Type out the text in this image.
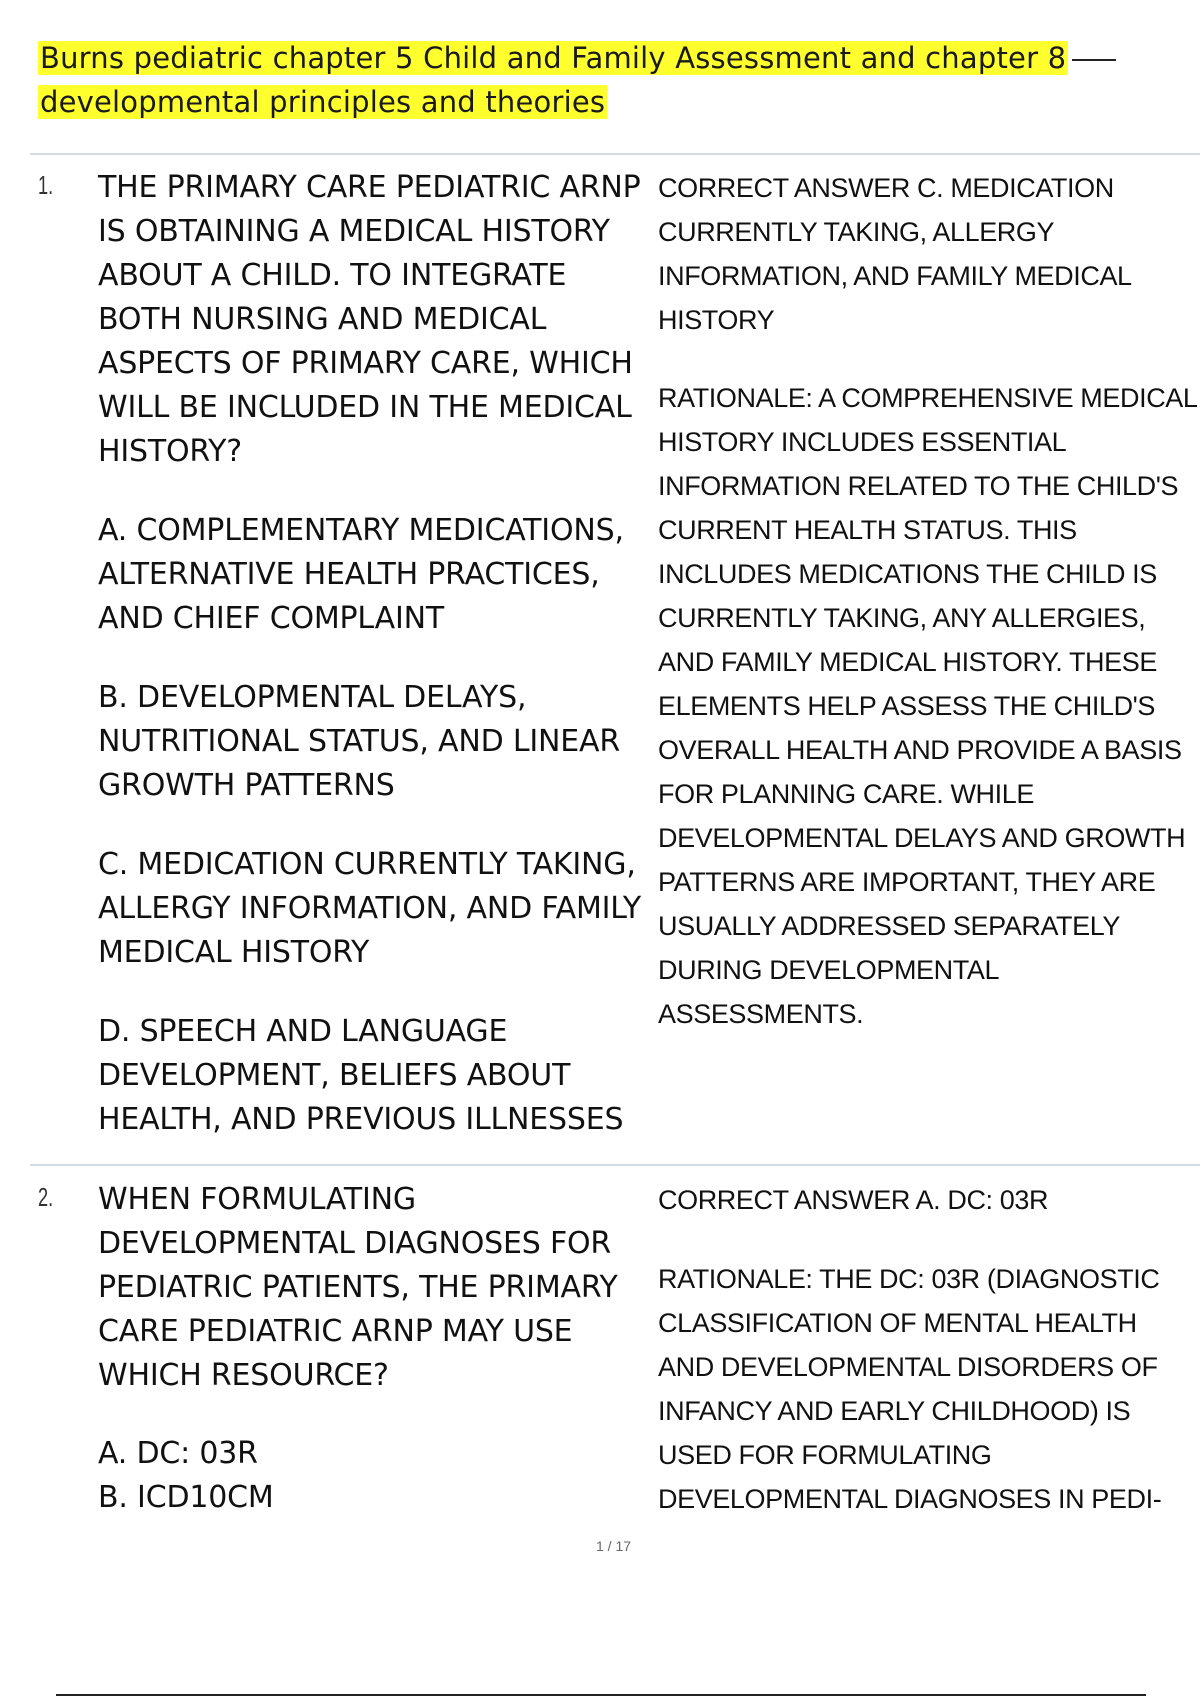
Burns pediatric chapter 5 Child and Family Assessment and chapter 8
developmental principles and theories
1. THE PRIMARY CARE PEDIATRIC ARNP IS OBTAINING A MEDICAL HISTORY ABOUT A CHILD. TO INTEGRATE BOTH NURSING AND MEDICAL ASPECTS OF PRIMARY CARE, WHICH WILL BE INCLUDED IN THE MEDICAL HISTORY?

A. COMPLEMENTARY MEDICATIONS, ALTERNATIVE HEALTH PRACTICES, AND CHIEF COMPLAINT

B. DEVELOPMENTAL DELAYS, NUTRITIONAL STATUS, AND LINEAR GROWTH PATTERNS

C. MEDICATION CURRENTLY TAKING, ALLERGY INFORMATION, AND FAMILY MEDICAL HISTORY

D. SPEECH AND LANGUAGE DEVELOPMENT, BELIEFS ABOUT HEALTH, AND PREVIOUS ILLNESSES

CORRECT ANSWER C. MEDICATION CURRENTLY TAKING, ALLERGY INFORMATION, AND FAMILY MEDICAL HISTORY

RATIONALE: A COMPREHENSIVE MEDICAL HISTORY INCLUDES ESSENTIAL INFORMATION RELATED TO THE CHILD'S CURRENT HEALTH STATUS. THIS INCLUDES MEDICATIONS THE CHILD IS CURRENTLY TAKING, ANY ALLERGIES, AND FAMILY MEDICAL HISTORY. THESE ELEMENTS HELP ASSESS THE CHILD'S OVERALL HEALTH AND PROVIDE A BASIS FOR PLANNING CARE. WHILE DEVELOPMENTAL DELAYS AND GROWTH PATTERNS ARE IMPORTANT, THEY ARE USUALLY ADDRESSED SEPARATELY DURING DEVELOPMENTAL ASSESSMENTS.

2. WHEN FORMULATING DEVELOPMENTAL DIAGNOSES FOR PEDIATRIC PATIENTS, THE PRIMARY CARE PEDIATRIC ARNP MAY USE WHICH RESOURCE?

A. DC: 03R

B. ICD10CM

CORRECT ANSWER A. DC: 03R

RATIONALE: THE DC: 03R (DIAGNOSTIC CLASSIFICATION OF MENTAL HEALTH AND DEVELOPMENTAL DISORDERS OF INFANCY AND EARLY CHILDHOOD) IS USED FOR FORMULATING DEVELOPMENTAL DIAGNOSES IN PEDI-

1 / 17
